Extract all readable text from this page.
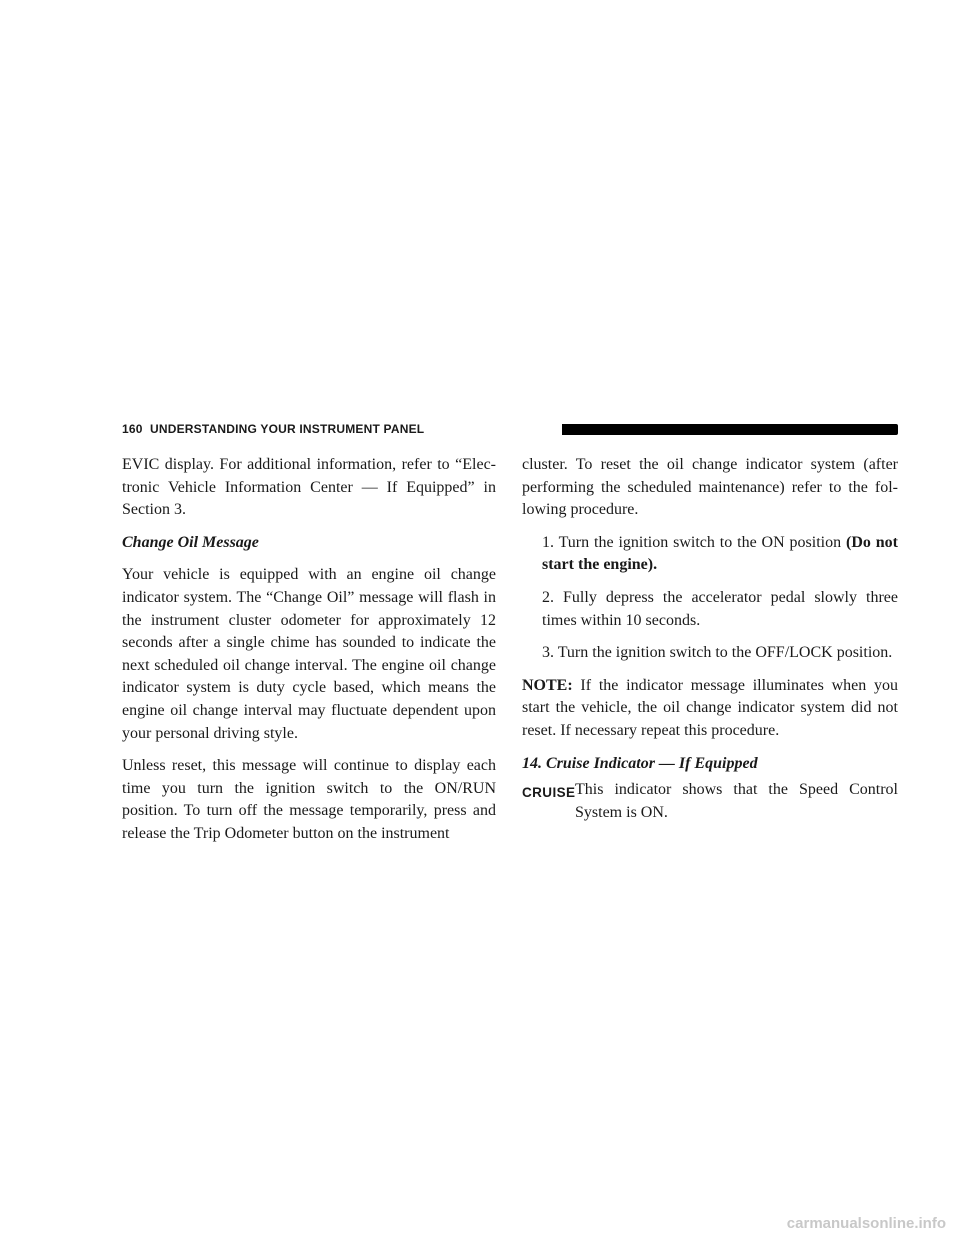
160 UNDERSTANDING YOUR INSTRUMENT PANEL

EVIC display. For additional information, refer to “Elec-tronic Vehicle Information Center — If Equipped” in Section 3.

Change Oil Message

Your vehicle is equipped with an engine oil change indicator system. The “Change Oil” message will flash in the instrument cluster odometer for approximately 12 seconds after a single chime has sounded to indicate the next scheduled oil change interval. The engine oil change indicator system is duty cycle based, which means the engine oil change interval may fluctuate dependent upon your personal driving style.

Unless reset, this message will continue to display each time you turn the ignition switch to the ON/RUN position. To turn off the message temporarily, press and release the Trip Odometer button on the instrument

cluster. To reset the oil change indicator system (after performing the scheduled maintenance) refer to the fol-lowing procedure.

1. Turn the ignition switch to the ON position (Do not start the engine).

2. Fully depress the accelerator pedal slowly three times within 10 seconds.

3. Turn the ignition switch to the OFF/LOCK position.

NOTE: If the indicator message illuminates when you start the vehicle, the oil change indicator system did not reset. If necessary repeat this procedure.

14. Cruise Indicator — If Equipped
CRUISE This indicator shows that the Speed Control System is ON.
carmanualsonline.info
